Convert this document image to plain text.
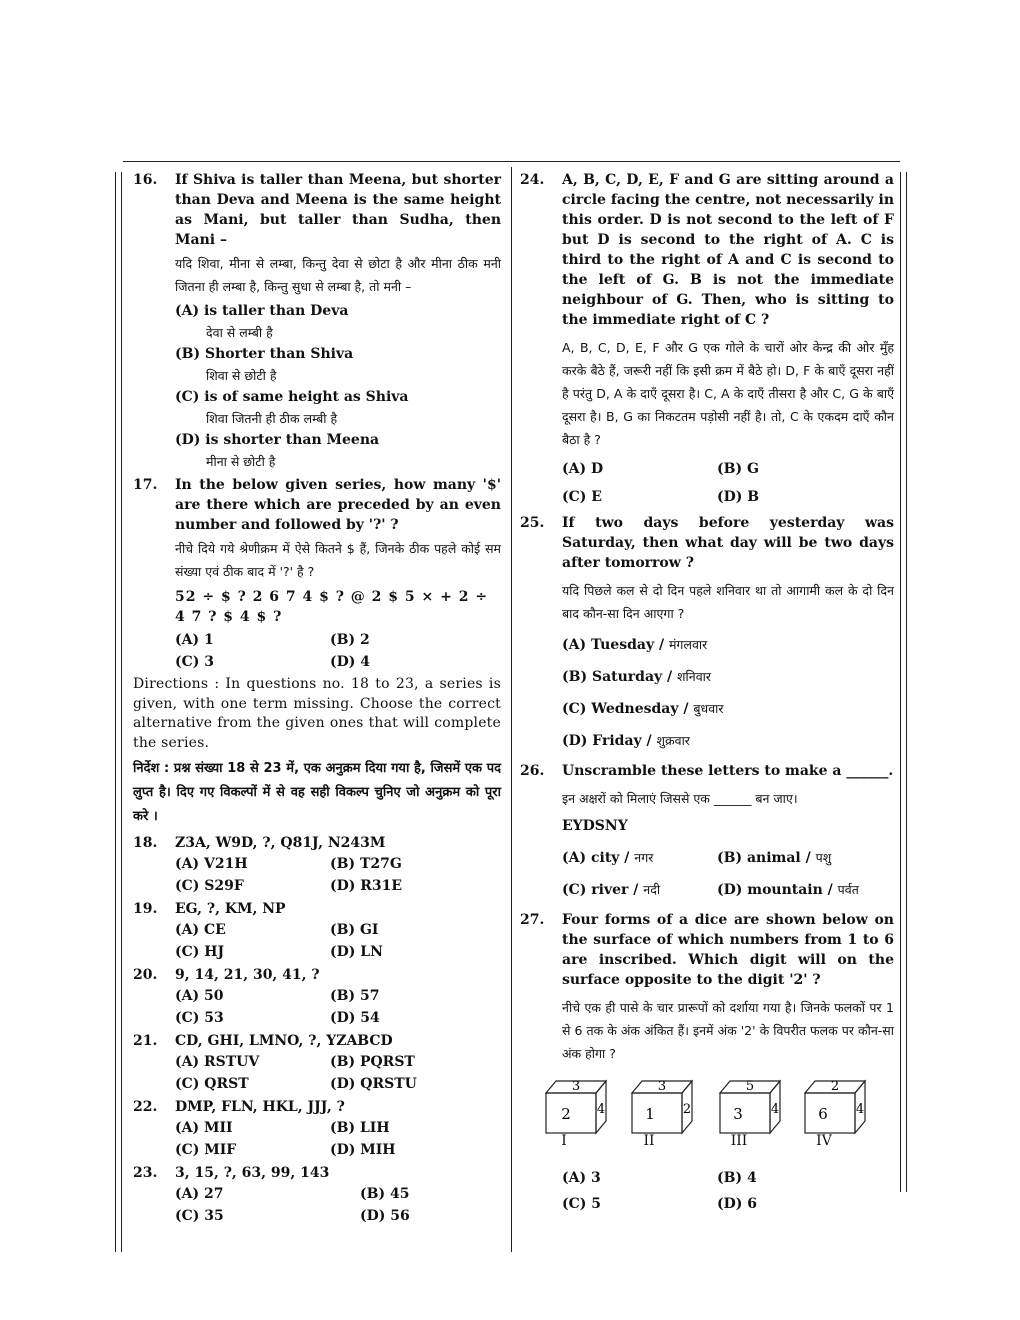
16. If Shiva is taller than Meena, but shorter than Deva and Meena is the same height as Mani, but taller than Sudha, then Mani –
यदि शिवा, मीना से लम्बा, किन्तु देवा से छोटा है और मीना ठीक मनी जितना ही लम्बा है, किन्तु सुधा से लम्बा है, तो मनी –
(A) is taller than Deva
देवा से लम्बी है
(B) Shorter than Shiva
शिवा से छोटी है
(C) is of same height as Shiva
शिवा जितनी ही ठीक लम्बी है
(D) is shorter than Meena
मीना से छोटी है
17. In the below given series, how many '$' are there which are preceded by an even number and followed by '?' ?
नीचे दिये गये श्रेणीक्रम में ऐसे कितने $ हैं, जिनके ठीक पहले कोई सम संख्या एवं ठीक बाद में '?' है ?
52 ÷ $ ? 2 6 7 4 $ ? @ 2 $ 5 × + 2 ÷ 4 7 ? $ 4 $ ?
(A) 1	(B) 2
(C) 3	(D) 4
Directions : In questions no. 18 to 23, a series is given, with one term missing. Choose the correct alternative from the given ones that will complete the series.
निर्देश : प्रश्न संख्या 18 से 23 में, एक अनुक्रम दिया गया है, जिसमें एक पद लुप्त है। दिए गए विकल्पों में से वह सही विकल्प चुनिए जो अनुक्रम को पूरा करे ।
18. Z3A, W9D, ?, Q81J, N243M
(A) V21H	(B) T27G
(C) S29F	(D) R31E
19. EG, ?, KM, NP
(A) CE	(B) GI
(C) HJ	(D) LN
20. 9, 14, 21, 30, 41, ?
(A) 50	(B) 57
(C) 53	(D) 54
21. CD, GHI, LMNO, ?, YZABCD
(A) RSTUV	(B) PQRST
(C) QRST	(D) QRSTU
22. DMP, FLN, HKL, JJJ, ?
(A) MII	(B) LIH
(C) MIF	(D) MIH
23. 3, 15, ?, 63, 99, 143
(A) 27	(B) 45
(C) 35	(D) 56
24. A, B, C, D, E, F and G are sitting around a circle facing the centre, not necessarily in this order. D is not second to the left of F but D is second to the right of A. C is third to the right of A and C is second to the left of G. B is not the immediate neighbour of G. Then, who is sitting to the immediate right of C ?
A, B, C, D, E, F और G एक गोले के चारों ओर केन्द्र की ओर मुँह करके बैठे हैं, जरूरी नहीं कि इसी क्रम में बैठे हो। D, F के बाएँ दूसरा नहीं है परंतु D, A के दाएँ दूसरा है। C, A के दाएँ तीसरा है और C, G के बाएँ दूसरा है। B, G का निकटतम पड़ोसी नहीं है। तो, C के एकदम दाएँ कौन बैठा है ?
(A) D	(B) G
(C) E	(D) B
25. If two days before yesterday was Saturday, then what day will be two days after tomorrow ?
यदि पिछले कल से दो दिन पहले शनिवार था तो आगामी कल के दो दिन बाद कौन-सा दिन आएगा ?
(A) Tuesday / मंगलवार
(B) Saturday / शनिवार
(C) Wednesday / बुधवार
(D) Friday / शुक्रवार
26. Unscramble these letters to make a ______.
इन अक्षरों को मिलाएं जिससे एक ______ बन जाए।
EYDSNY
(A) city / नगर	(B) animal / पशु
(C) river / नदी	(D) mountain / पर्वत
27. Four forms of a dice are shown below on the surface of which numbers from 1 to 6 are inscribed. Which digit will on the surface opposite to the digit '2' ?
नीचे एक ही पासे के चार प्रारूपों को दर्शाया गया है। जिनके फलकों पर 1 से 6 तक के अंक अंकित हैं। इनमें अंक '2' के विपरीत फलक पर कौन-सा अंक होगा ?
3
2 4
I
3
1 2
II
5
3 4
III
2
6 4
IV
(A) 3	(B) 4
(C) 5	(D) 6
